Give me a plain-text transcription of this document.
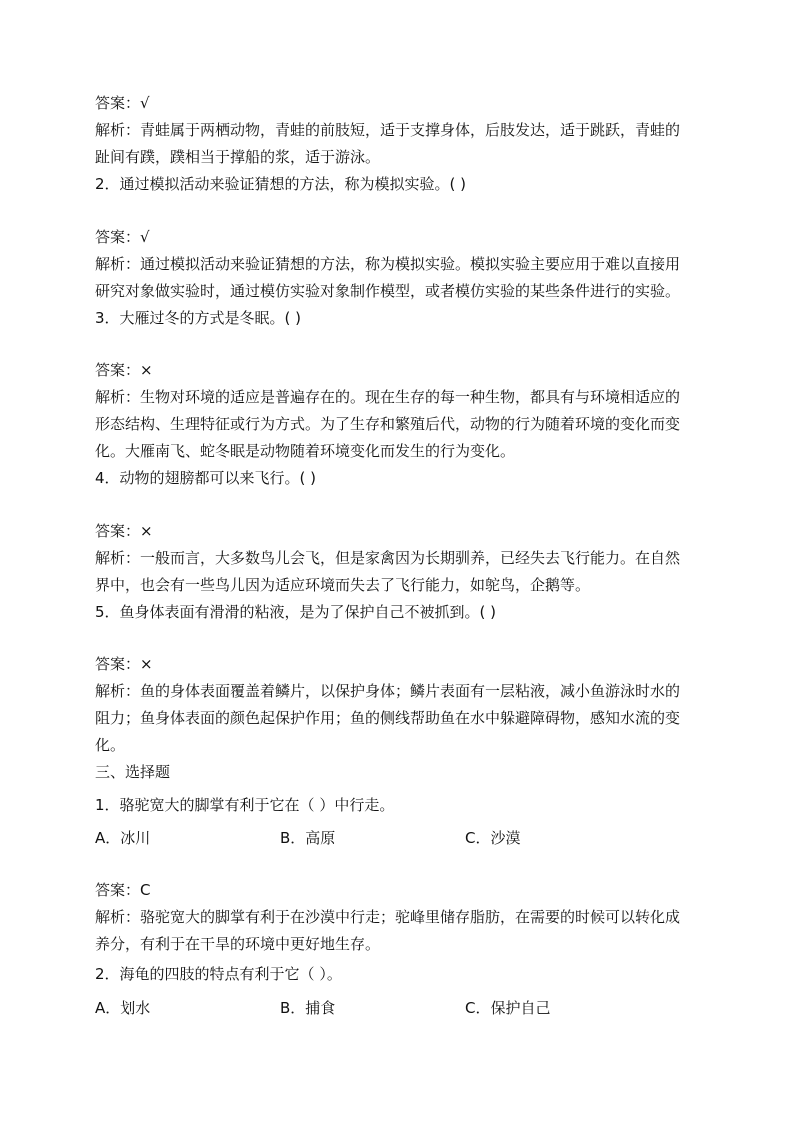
答案：√
解析：青蛙属于两栖动物，青蛙的前肢短，适于支撑身体，后肢发达，适于跳跃，青蛙的
趾间有蹼，蹼相当于撑船的浆，适于游泳。
2．通过模拟活动来验证猜想的方法，称为模拟实验。( )
答案：√
解析：通过模拟活动来验证猜想的方法，称为模拟实验。模拟实验主要应用于难以直接用
研究对象做实验时，通过模仿实验对象制作模型，或者模仿实验的某些条件进行的实验。
3．大雁过冬的方式是冬眠。( )
答案：×
解析：生物对环境的适应是普遍存在的。现在生存的每一种生物，都具有与环境相适应的
形态结构、生理特征或行为方式。为了生存和繁殖后代，动物的行为随着环境的变化而变
化。大雁南飞、蛇冬眠是动物随着环境变化而发生的行为变化。
4．动物的翅膀都可以来飞行。( )
答案：×
解析：一般而言，大多数鸟儿会飞，但是家禽因为长期驯养，已经失去飞行能力。在自然
界中，也会有一些鸟儿因为适应环境而失去了飞行能力，如鸵鸟，企鹅等。
5．鱼身体表面有滑滑的粘液，是为了保护自己不被抓到。( )
答案：×
解析：鱼的身体表面覆盖着鳞片，以保护身体；鳞片表面有一层粘液，减小鱼游泳时水的
阻力；鱼身体表面的颜色起保护作用；鱼的侧线帮助鱼在水中躲避障碍物，感知水流的变
化。
三、选择题
1．骆驼宽大的脚掌有利于它在（ ）中行走。
A．冰川	B．高原	C．沙漠
答案：C
解析：骆驼宽大的脚掌有利于在沙漠中行走；驼峰里储存脂肪，在需要的时候可以转化成
养分，有利于在干旱的环境中更好地生存。
2．海龟的四肢的特点有利于它（ ）。
A．划水	B．捕食	C．保护自己
